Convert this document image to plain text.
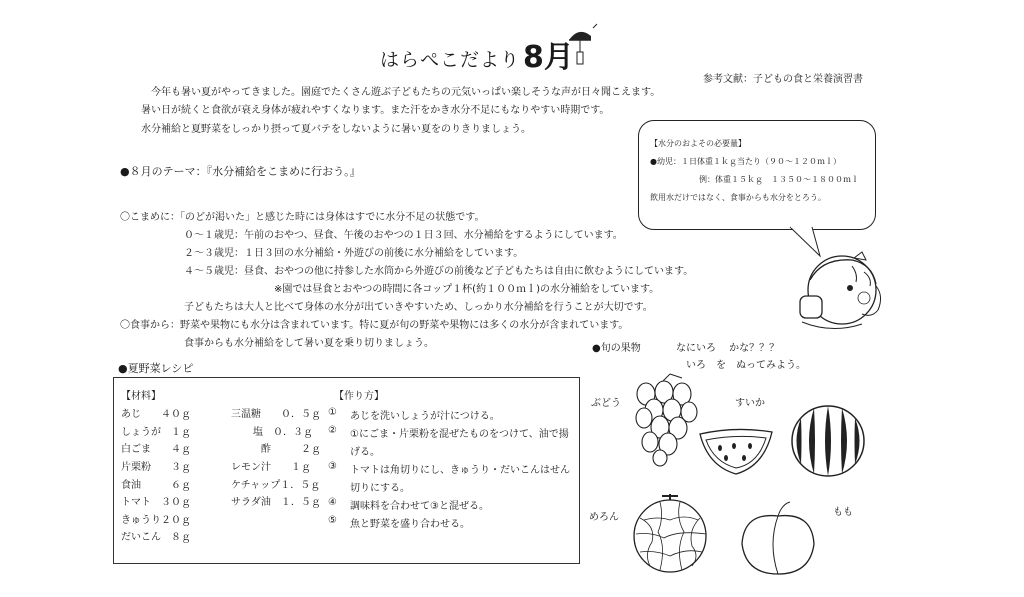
はらぺこだより 8月
参考文献：子どもの食と栄養演習書
今年も暑い夏がやってきました。園庭でたくさん遊ぶ子どもたちの元気いっぱい楽しそうな声が日々聞こえます。
暑い日が続くと食欲が衰え身体が疲れやすくなります。また汗をかき水分不足にもなりやすい時期です。
水分補給と夏野菜をしっかり摂って夏バテをしないように暑い夏をのりきりましょう。
【水分のおよその必要量】
●幼児：１日体重１ｋｇ当たり（９０～１２０ｍｌ）
例：体重１５ｋｇ　１３５０～１８００ｍｌ
飲用水だけではなく、食事からも水分をとろう。
●８月のテーマ：『水分補給をこまめに行おう。』
〇こまめに：「のどが渇いた」と感じた時には身体はすでに水分不足の状態です。
０～１歳児：午前のおやつ、昼食、午後のおやつの１日３回、水分補給をするようにしています。
２～３歳児：１日３回の水分補給・外遊びの前後に水分補給をしています。
４～５歳児：昼食、おやつの他に持参した水筒から外遊びの前後など子どもたちは自由に飲むようにしています。
※園では昼食とおやつの時間に各コップ１杯(約１００ｍｌ)の水分補給をしています。
子どもたちは大人と比べて身体の水分が出ていきやすいため、しっかり水分補給を行うことが大切です。
〇食事から：野菜や果物にも水分は含まれています。特に夏が旬の野菜や果物には多くの水分が含まれています。
食事からも水分補給をして暑い夏を乗り切りましょう。
●夏野菜レシピ
【材料】
あじ　　４０ｇ
しょうが　１ｇ
白ごま　　４ｇ
片栗粉　　３ｇ
食油　　　６ｇ
トマト　３０ｇ
きゅうり２０ｇ
だいこん　８ｇ
三温糖　　０．５ｇ
塩　０．３ｇ
酢　　　２ｇ
レモン汁　　１ｇ
ケチャップ１．５ｇ
サラダ油　１．５ｇ
【作り方】
① あじを洗いしょうが汁につける。
② ①にごま・片栗粉を混ぜたものをつけて、油で揚
げる。
③ トマトは角切りにし、きゅうり・だいこんはせん
切りにする。
④ 調味料を合わせて③と混ぜる。
⑤ 魚と野菜を盛り合わせる。
●旬の果物	なにいろ　 かな？？？
いろ　を　ぬってみよう。
ぶどう	すいか
めろん	もも
